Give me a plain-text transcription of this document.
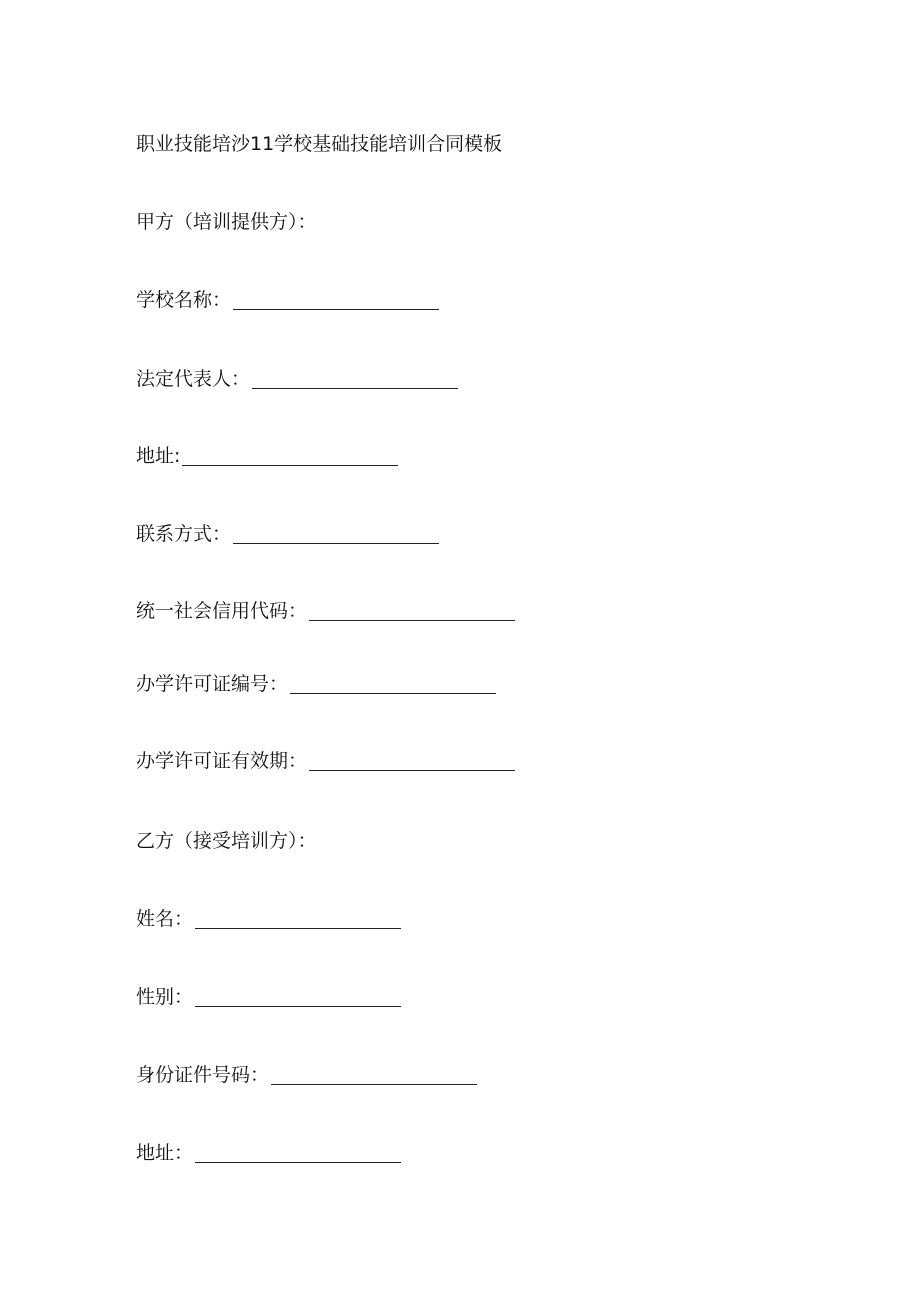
职业技能培沙11学校基础技能培训合同模板
甲方（培训提供方）：
学校名称：
法定代表人：
地址:
联系方式：
统一社会信用代码：
办学许可证编号：
办学许可证有效期：
乙方（接受培训方）：
姓名：
性别：
身份证件号码：
地址：
